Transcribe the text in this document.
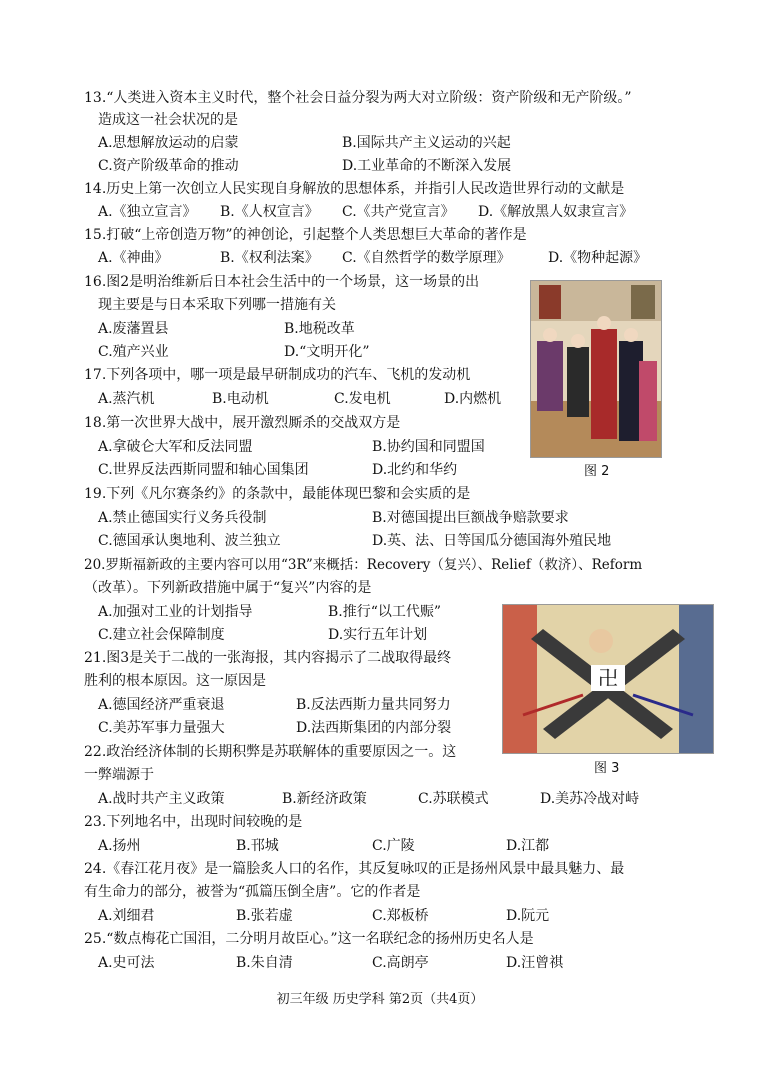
13.“人类进入资本主义时代，整个社会日益分裂为两大对立阶级：资产阶级和无产阶级。”
造成这一社会状况的是
A.思想解放运动的启蒙	B.国际共产主义运动的兴起
C.资产阶级革命的推动	D.工业革命的不断深入发展
14.历史上第一次创立人民实现自身解放的思想体系，并指引人民改造世界行动的文献是
A.《独立宣言》 B.《人权宣言》 C.《共产党宣言》 D.《解放黑人奴隶宣言》
15.打破“上帝创造万物”的神创论，引起整个人类思想巨大革命的著作是
A.《神曲》	B.《权利法案》 C.《自然哲学的数学原理》	D.《物种起源》
16.图2是明治维新后日本社会生活中的一个场景，这一场景的出
现主要是与日本采取下列哪一措施有关
A.废藩置县	B.地税改革
C.殖产兴业	D.“文明开化”
图 2
17.下列各项中，哪一项是最早研制成功的汽车、飞机的发动机
A.蒸汽机	B.电动机	C.发电机	D.内燃机
18.第一次世界大战中，展开激烈厮杀的交战双方是
A.拿破仑大军和反法同盟	B.协约国和同盟国
C.世界反法西斯同盟和轴心国集团	D.北约和华约
19.下列《凡尔赛条约》的条款中，最能体现巴黎和会实质的是
A.禁止德国实行义务兵役制	B.对德国提出巨额战争赔款要求
C.德国承认奥地利、波兰独立	D.英、法、日等国瓜分德国海外殖民地
20.罗斯福新政的主要内容可以用“3R”来概括：Recovery（复兴）、Relief（救济）、Reform
（改革）。下列新政措施中属于“复兴”内容的是
A.加强对工业的计划指导	B.推行“以工代赈”
C.建立社会保障制度	D.实行五年计划
卍
图 3
21.图3是关于二战的一张海报，其内容揭示了二战取得最终
胜利的根本原因。这一原因是
A.德国经济严重衰退	B.反法西斯力量共同努力
C.美苏军事力量强大	D.法西斯集团的内部分裂
22.政治经济体制的长期积弊是苏联解体的重要原因之一。这
一弊端源于
A.战时共产主义政策	B.新经济政策	C.苏联模式	D.美苏冷战对峙
23.下列地名中，出现时间较晚的是
A.扬州	B.邗城	C.广陵	D.江都
24.《春江花月夜》是一篇脍炙人口的名作，其反复咏叹的正是扬州风景中最具魅力、最
有生命力的部分，被誉为“孤篇压倒全唐”。它的作者是
A.刘细君	B.张若虚	C.郑板桥	D.阮元
25.“数点梅花亡国泪，二分明月故臣心。”这一名联纪念的扬州历史名人是
A.史可法	B.朱自清	C.高朗亭	D.汪曾祺
初三年级 历史学科 第2页（共4页）
